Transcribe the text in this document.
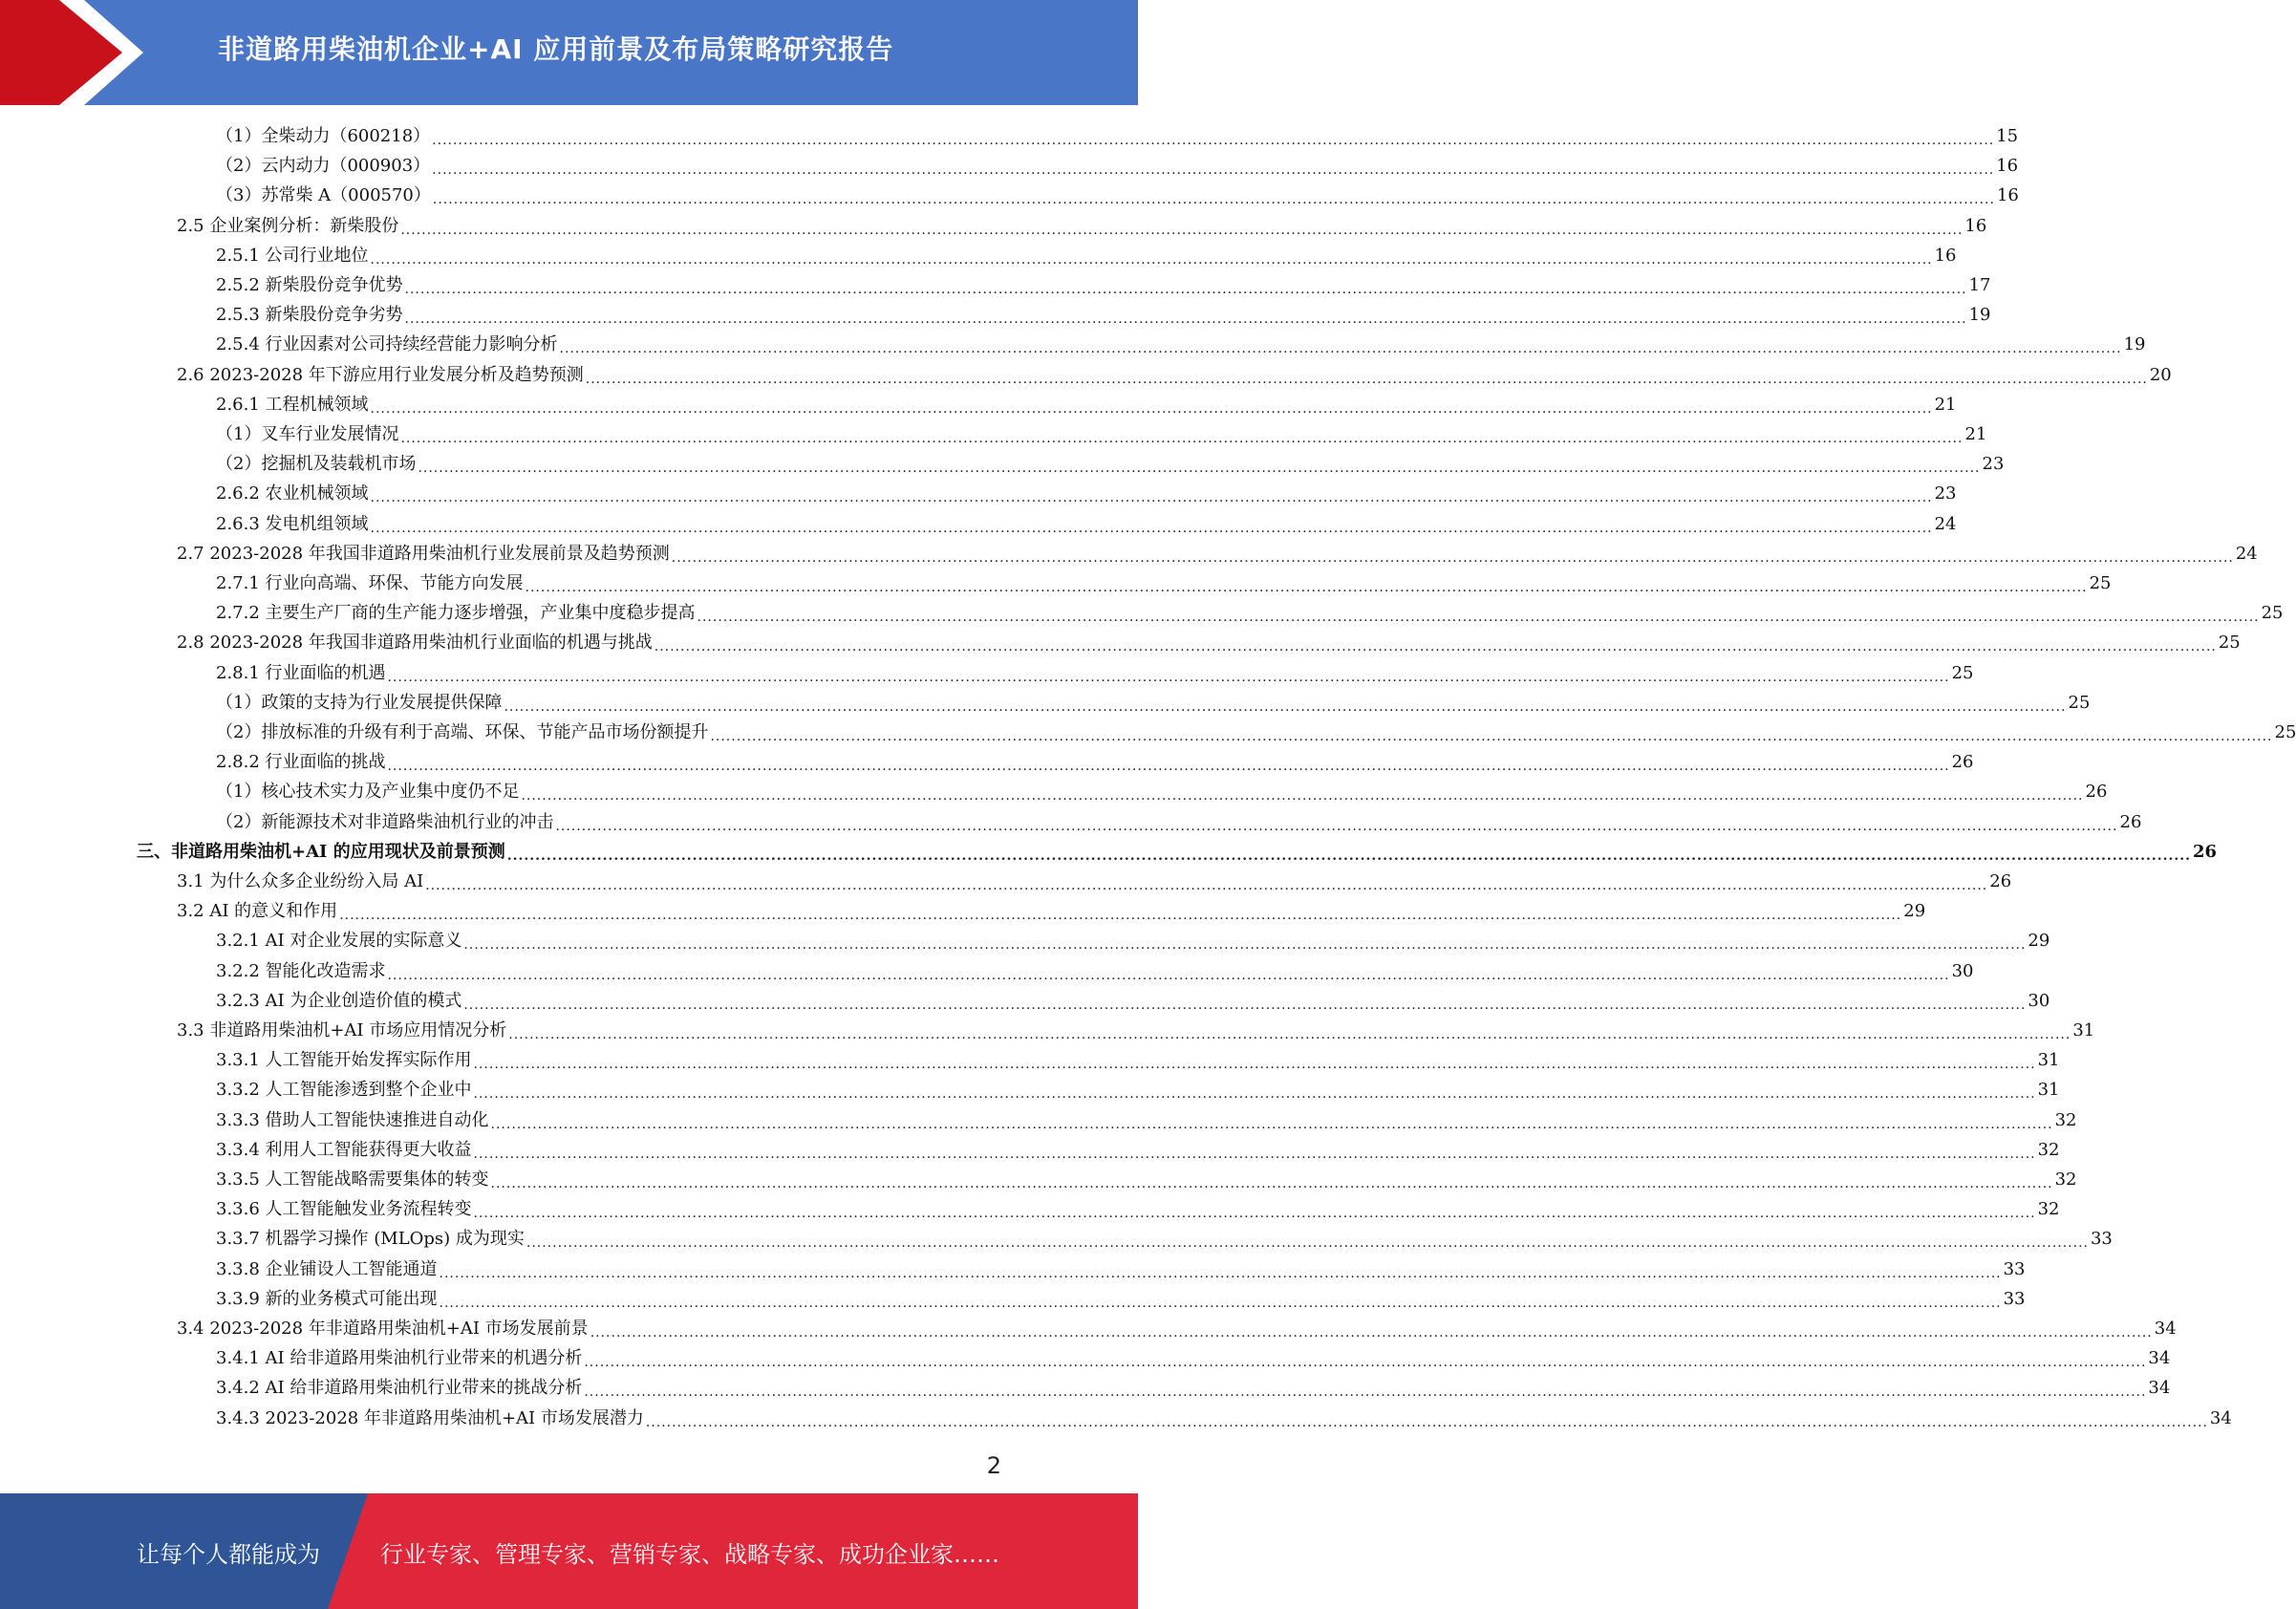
非道路用柴油机企业+AI 应用前景及布局策略研究报告
（1）全柴动力（600218） ............................................................................................................................................................................................................................................................................................................ 15
（2）云内动力（000903） ............................................................................................................................................................................................................................................................................................................ 16
（3）苏常柴 A（000570） ............................................................................................................................................................................................................................................................................................................ 16
2.5 企业案例分析：新柴股份 ............................................................................................................................................................................................................................................................................................................ 16
2.5.1 公司行业地位 ............................................................................................................................................................................................................................................................................................................ 16
2.5.2 新柴股份竞争优势 ............................................................................................................................................................................................................................................................................................................ 17
2.5.3 新柴股份竞争劣势 ............................................................................................................................................................................................................................................................................................................ 19
2.5.4 行业因素对公司持续经营能力影响分析 ............................................................................................................................................................................................................................................................................................................ 19
2.6 2023-2028 年下游应用行业发展分析及趋势预测 ............................................................................................................................................................................................................................................................................................................ 20
2.6.1 工程机械领域 ............................................................................................................................................................................................................................................................................................................ 21
（1）叉车行业发展情况 ............................................................................................................................................................................................................................................................................................................ 21
（2）挖掘机及装载机市场 ............................................................................................................................................................................................................................................................................................................ 23
2.6.2 农业机械领域 ............................................................................................................................................................................................................................................................................................................ 23
2.6.3 发电机组领域 ............................................................................................................................................................................................................................................................................................................ 24
2.7 2023-2028 年我国非道路用柴油机行业发展前景及趋势预测 ............................................................................................................................................................................................................................................................................................................ 24
2.7.1 行业向高端、环保、节能方向发展 ............................................................................................................................................................................................................................................................................................................ 25
2.7.2 主要生产厂商的生产能力逐步增强，产业集中度稳步提高 ............................................................................................................................................................................................................................................................................................................ 25
2.8 2023-2028 年我国非道路用柴油机行业面临的机遇与挑战 ............................................................................................................................................................................................................................................................................................................ 25
2.8.1 行业面临的机遇 ............................................................................................................................................................................................................................................................................................................ 25
（1）政策的支持为行业发展提供保障 ............................................................................................................................................................................................................................................................................................................ 25
（2）排放标准的升级有利于高端、环保、节能产品市场份额提升 ............................................................................................................................................................................................................................................................................................................ 25
2.8.2 行业面临的挑战 ............................................................................................................................................................................................................................................................................................................ 26
（1）核心技术实力及产业集中度仍不足 ............................................................................................................................................................................................................................................................................................................ 26
（2）新能源技术对非道路柴油机行业的冲击 ............................................................................................................................................................................................................................................................................................................ 26
三、非道路用柴油机+AI 的应用现状及前景预测 ............................................................................................................................................................................................................................................................................................................ 26
3.1 为什么众多企业纷纷入局 AI ............................................................................................................................................................................................................................................................................................................ 26
3.2 AI 的意义和作用 ............................................................................................................................................................................................................................................................................................................ 29
3.2.1 AI 对企业发展的实际意义 ............................................................................................................................................................................................................................................................................................................ 29
3.2.2 智能化改造需求 ............................................................................................................................................................................................................................................................................................................ 30
3.2.3 AI 为企业创造价值的模式 ............................................................................................................................................................................................................................................................................................................ 30
3.3 非道路用柴油机+AI 市场应用情况分析 ............................................................................................................................................................................................................................................................................................................ 31
3.3.1 人工智能开始发挥实际作用 ............................................................................................................................................................................................................................................................................................................ 31
3.3.2 人工智能渗透到整个企业中 ............................................................................................................................................................................................................................................................................................................ 31
3.3.3 借助人工智能快速推进自动化 ............................................................................................................................................................................................................................................................................................................ 32
3.3.4 利用人工智能获得更大收益 ............................................................................................................................................................................................................................................................................................................ 32
3.3.5 人工智能战略需要集体的转变 ............................................................................................................................................................................................................................................................................................................ 32
3.3.6 人工智能触发业务流程转变 ............................................................................................................................................................................................................................................................................................................ 32
3.3.7 机器学习操作 (MLOps) 成为现实 ............................................................................................................................................................................................................................................................................................................ 33
3.3.8 企业铺设人工智能通道 ............................................................................................................................................................................................................................................................................................................ 33
3.3.9 新的业务模式可能出现 ............................................................................................................................................................................................................................................................................................................ 33
3.4 2023-2028 年非道路用柴油机+AI 市场发展前景 ............................................................................................................................................................................................................................................................................................................ 34
3.4.1 AI 给非道路用柴油机行业带来的机遇分析 ............................................................................................................................................................................................................................................................................................................ 34
3.4.2 AI 给非道路用柴油机行业带来的挑战分析 ............................................................................................................................................................................................................................................................................................................ 34
3.4.3 2023-2028 年非道路用柴油机+AI 市场发展潜力 ............................................................................................................................................................................................................................................................................................................ 34
2
让每个人都能成为	行业专家、管理专家、营销专家、战略专家、成功企业家……
